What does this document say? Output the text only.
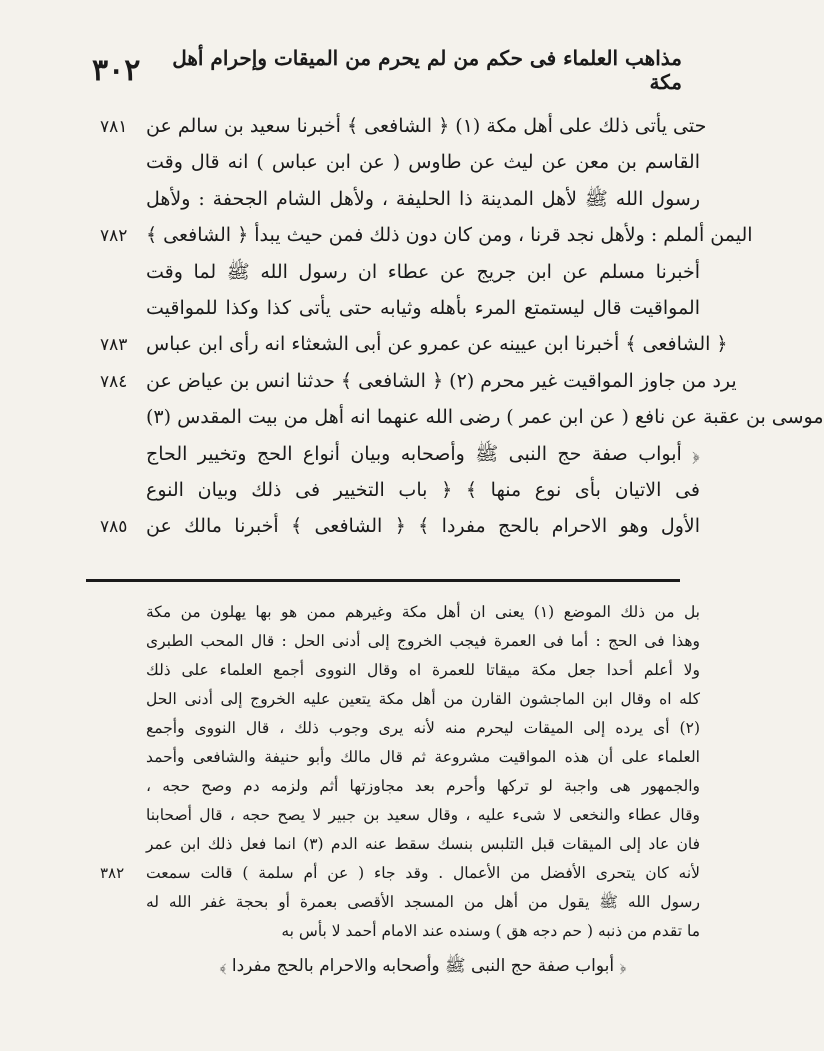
٣٠٢	مذاهب العلماء فى حكم من لم يحرم من الميقات وإحرام أهل مكة
٧٨١ حتى يأتى ذلك على أهل مكة (١) ﴿ الشافعى ﴾ أخبرنا سعيد بن سالم عن
القاسم بن معن عن ليث عن طاوس ( عن ابن عباس ) انه قال وقت
رسول الله ﷺ لأهل المدينة ذا الحليفة ، ولأهل الشام الجحفة : ولأهل
٧٨٢ اليمن ألملم : ولأهل نجد قرنا ، ومن كان دون ذلك فمن حيث يبدأ ﴿ الشافعى ﴾
أخبرنا مسلم عن ابن جريج عن عطاء ان رسول الله ﷺ لما وقت
المواقيت قال ليستمتع المرء بأهله وثيابه حتى يأتى كذا وكذا للمواقيت
٧٨٣ ﴿ الشافعى ﴾ أخبرنا ابن عيينه عن عمرو عن أبى الشعثاء انه رأى ابن عباس
٧٨٤ يرد من جاوز المواقيت غير محرم (٢) ﴿ الشافعى ﴾ حدثنا انس بن عياض عن
موسى بن عقبة عن نافع ( عن ابن عمر ) رضى الله عنهما انه أهل من بيت المقدس (٣)
﴿ أبواب صفة حج النبى ﷺ وأصحابه وبيان أنواع الحج وتخيير الحاج
فى الاتيان بأى نوع منها ﴾ ﴿ باب التخيير فى ذلك وبيان النوع
٧٨٥ الأول وهو الاحرام بالحج مفردا ﴾ ﴿ الشافعى ﴾ أخبرنا مالك عن
بل من ذلك الموضع (١) يعنى ان أهل مكة وغيرهم ممن هو بها يهلون من مكة
وهذا فى الحج : أما فى العمرة فيجب الخروج إلى أدنى الحل : قال المحب الطبرى
ولا أعلم أحدا جعل مكة ميقاتا للعمرة اه وقال النووى أجمع العلماء على ذلك
كله اه وقال ابن الماجشون القارن من أهل مكة يتعين عليه الخروج إلى أدنى الحل
(٢) أى يرده إلى الميقات ليحرم منه لأنه يرى وجوب ذلك ، قال النووى وأجمع
العلماء على أن هذه المواقيت مشروعة ثم قال مالك وأبو حنيفة والشافعى وأحمد
والجمهور هى واجبة لو تركها وأحرم بعد مجاوزتها أثم ولزمه دم وصح حجه ،
وقال عطاء والنخعى لا شىء عليه ، وقال سعيد بن جبير لا يصح حجه ، قال أصحابنا
فان عاد إلى الميقات قبل التلبس بنسك سقط عنه الدم (٣) انما فعل ذلك ابن عمر
٣٨٢	لأنه كان يتحرى الأفضل من الأعمال . وقد جاء ( عن أم سلمة ) قالت سمعت
رسول الله ﷺ يقول من أهل من المسجد الأقصى بعمرة أو بحجة غفر الله له
ما تقدم من ذنبه ( حم دجه هق ) وسنده عند الامام أحمد لا بأس به
﴿ أبواب صفة حج النبى ﷺ وأصحابه والاحرام بالحج مفردا ﴾
